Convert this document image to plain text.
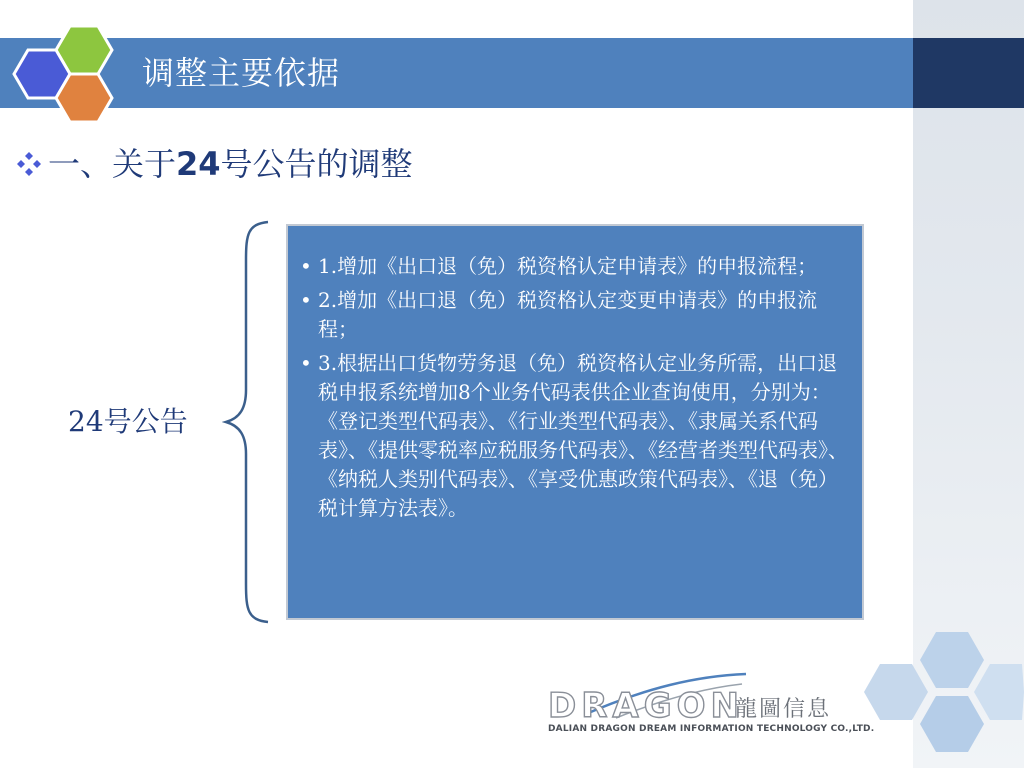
调整主要依据
一、关于 24 号公告的调整
24号公告
• 1.增加《出口退（免）税资格认定申请表》的申报流程；
• 2.增加《出口退（免）税资格认定变更申请表》的申报流程；
• 3.根据出口货物劳务退（免）税资格认定业务所需，出口退税申报系统增加8个业务代码表供企业查询使用，分别为：《登记类型代码表》、《行业类型代码表》、《隶属关系代码表》、《提供零税率应税服务代码表》、《经营者类型代码表》、《纳税人类别代码表》、《享受优惠政策代码表》、《退（免）税计算方法表》。
DRAGON
龍圖信息
DALIAN DRAGON DREAM INFORMATION TECHNOLOGY CO.,LTD.
